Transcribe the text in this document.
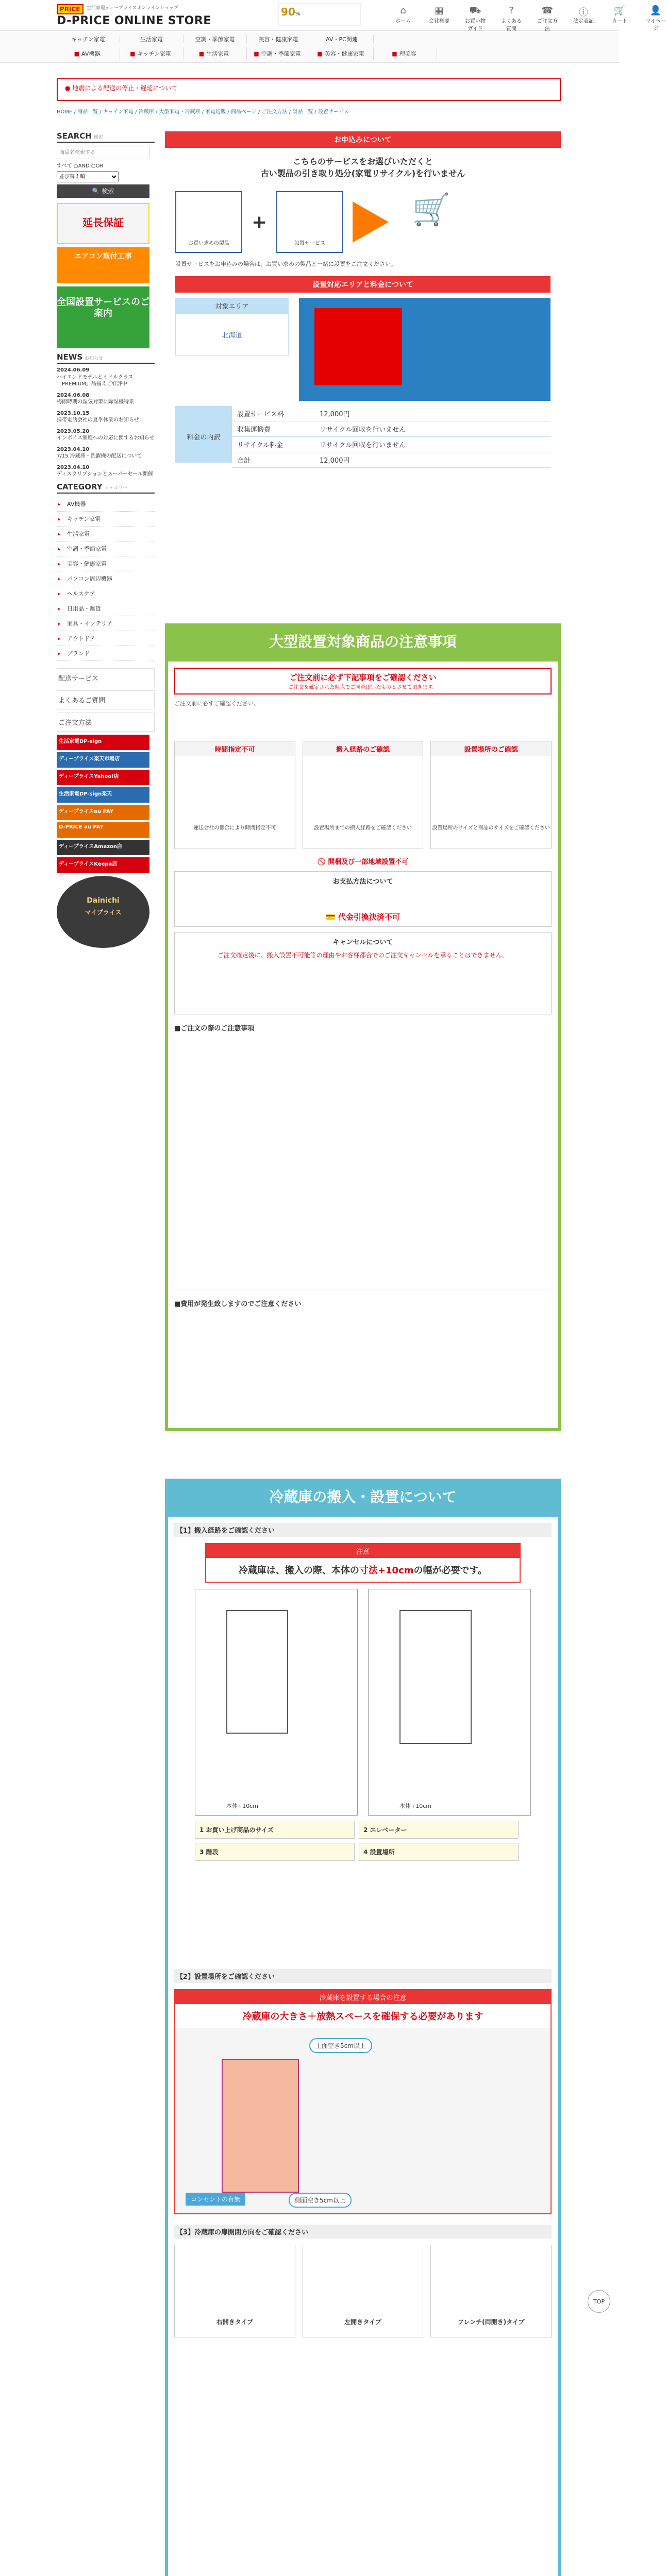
PRICE	生活家電ディープライスオンラインショップ
D-PRICE ONLINE STORE
90%	⌂
ホーム
▦
会社概要
⛟
お買い物ガイド
?
よくある質問
☎
ご注文方法
ⓘ
法定表記
🛒
カート
👤
マイページ
キッチン家電	生活家電	空調・季節家電	美容・健康家電	AV・PC関連
■ AV機器	■ キッチン家電	■ 生活家電	■ 空調・季節家電	■ 美容・健康家電	■ 理美容
● 地震による配送の停止・遅延について
HOME / 商品一覧 / キッチン家電 / 冷蔵庫 / 大型家電・冷蔵庫 / 家電通販 / 商品ページ / ご注文方法 / 製品一覧 / 設置サービス
SEARCH 検索
商品名検索する
すべて ○AND ○OR
並び替え順
🔍 検索
延長保証
エアコン取付工事
全国設置サービスのご案内
NEWS お知らせ
2024.06.09
ハイエンドモデルとミドルクラス「PREMIUM」品揃えご好評中
2024.06.08
梅雨時期の湿気対策に除湿機特集
2023.10.15
携帯電話会社の夏季休業のお知らせ
2023.05.20
インボイス制度への対応に関するお知らせ
2023.04.10
7/15 冷蔵庫・洗濯機の配送について
2023.04.10
ディスクリプションとスーパーセール開催
CATEGORY カテゴリー
▸ AV機器
▸ キッチン家電
▸ 生活家電
▸ 空調・季節家電
▸ 美容・健康家電
▸ パソコン周辺機器
▸ ヘルスケア
▸ 日用品・雑貨
▸ 家具・インテリア
▸ アウトドア
▸ ブランド
配送サービス
よくあるご質問
ご注文方法
生活家電DP-sign
ディープライス楽天市場店
ディープライスYahoo!店
生活家電DP-sign楽天
ディープライスau PAY
D-PRICE au PAY
ディープライスAmazon店
ディープライスKeepa店
Dainichi
マイプライス
お申込みについて
こちらのサービスをお選びいただくと
古い製品の引き取り処分(家電リサイクル)を行いません
お買い求めの製品
+
設置サービス
🛒

設置サービスをお申込みの場合は、お買い求めの製品と一緒に設置をご注文ください。

設置対応エリアと料金について
対象エリア
北海道
料金の内訳
設置サービス料	12,000円
収集運搬費	リサイクル回収を行いません
リサイクル料金	リサイクル回収を行いません
合計	12,000円
大型設置対象商品の注意事項
ご注文前に必ず下記事項をご確認ください
ご注文を確定された時点でご同意頂いたものとさせて頂きます。

ご注文前に必ずご確認ください。

時間指定不可
運送会社の都合により時間指定不可
搬入経路のご確認
設置場所までの搬入経路をご確認ください
設置場所のご確認
設置場所のサイズと商品のサイズをご確認ください
🚫 開梱及び一部地域設置不可
お支払方法について
💳 代金引換決済不可
キャンセルについて
ご注文確定後に、搬入設置不可能等の理由やお客様都合でのご注文キャンセルを承ることはできません。
■ご注文の際のご注意事項
■費用が発生致しますのでご注意ください
冷蔵庫の搬入・設置について
【1】搬入経路をご確認ください
注意
冷蔵庫は、搬入の際、本体の寸法+10cmの幅が必要です。
本体+10cm	本体+10cm
1 お買い上げ商品のサイズ	2 エレベーター
3 階段	4 設置場所
【2】設置場所をご確認ください
冷蔵庫を設置する場合の注意
冷蔵庫の大きさ＋放熱スペースを確保する必要があります
上面空き5cm以上
側面空き5cm以上
コンセントの有無
【3】冷蔵庫の扉開閉方向をご確認ください
右開きタイプ	左開きタイプ	フレンチ(両開き)タイプ
TOP
